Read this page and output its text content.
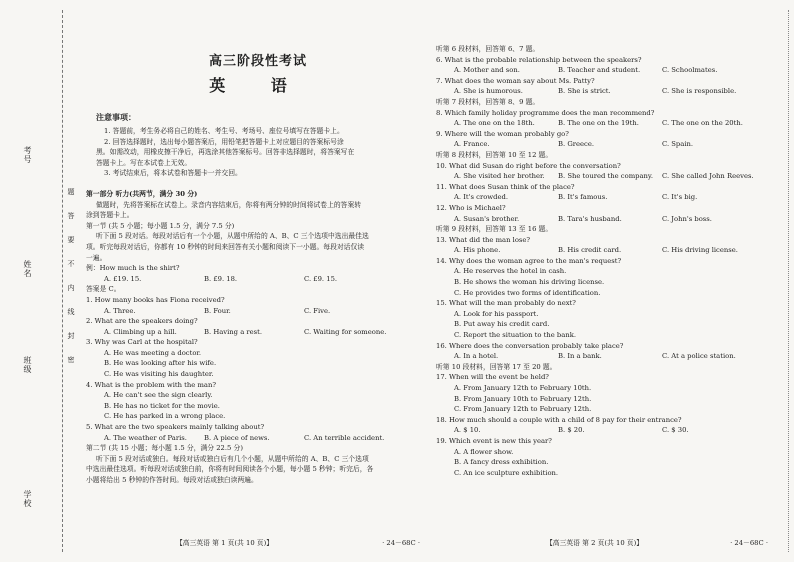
考号
姓名
班级
学校
题
答
要
不
内
线
封
密
高三阶段性考试
英 语
注意事项：

1. 答题前，考生务必将自己的姓名、考生号、考场号、座位号填写在答题卡上。

2. 回答选择题时，选出每小题答案后，用铅笔把答题卡上对应题目的答案标号涂

黑。如需改动，用橡皮擦干净后，再选涂其他答案标号。回答非选择题时，将答案写在

答题卡上。写在本试卷上无效。

3. 考试结束后，将本试卷和答题卡一并交回。

第一部分 听力(共两节，满分 30 分)

做题时，先将答案标在试卷上。录音内容结束后，你将有两分钟的时间将试卷上的答案转

涂到答题卡上。

第一节 (共 5 小题；每小题 1.5 分，满分 7.5 分)

听下面 5 段对话。每段对话后有一个小题，从题中所给的 A、B、C 三个选项中选出最佳选

项。听完每段对话后，你都有 10 秒钟的时间来回答有关小题和阅读下一小题。每段对话仅读

一遍。

例：How much is the shirt?

A. £19. 15.	B. £9. 18.	C. £9. 15.

答案是 C。

1. How many books has Fiona received?

A. Three.	B. Four.	C. Five.

2. What are the speakers doing?

A. Climbing up a hill.	B. Having a rest.	C. Waiting for someone.

3. Why was Carl at the hospital?

A. He was meeting a doctor.

B. He was looking after his wife.

C. He was visiting his daughter.

4. What is the problem with the man?

A. He can't see the sign clearly.

B. He has no ticket for the movie.

C. He has parked in a wrong place.

5. What are the two speakers mainly talking about?

A. The weather of Paris.	B. A piece of news.	C. An terrible accident.

第二节 (共 15 小题；每小题 1.5 分，满分 22.5 分)

听下面 5 段对话或独白。每段对话或独白后有几个小题，从题中所给的 A、B、C 三个选项

中选出最佳选项。听每段对话或独白前，你将有时间阅读各个小题，每小题 5 秒钟；听完后，各

小题将给出 5 秒钟的作答时间。每段对话或独白读两遍。

【高三英语 第 1 页(共 10 页)】	· 24－68C ·

听第 6 段材料，回答第 6、7 题。

6. What is the probable relationship between the speakers?

A. Mother and son.	B. Teacher and student.	C. Schoolmates.

7. What does the woman say about Ms. Patty?

A. She is humorous.	B. She is strict.	C. She is responsible.

听第 7 段材料，回答第 8、9 题。

8. Which family holiday programme does the man recommend?

A. The one on the 18th.	B. The one on the 19th.	C. The one on the 20th.

9. Where will the woman probably go?

A. France.	B. Greece.	C. Spain.

听第 8 段材料，回答第 10 至 12 题。

10. What did Susan do right before the conversation?

A. She visited her brother.	B. She toured the company.	C. She called John Reeves.

11. What does Susan think of the place?

A. It's crowded.	B. It's famous.	C. It's big.

12. Who is Michael?

A. Susan's brother.	B. Tara's husband.	C. John's boss.

听第 9 段材料，回答第 13 至 16 题。

13. What did the man lose?

A. His phone.	B. His credit card.	C. His driving license.

14. Why does the woman agree to the man's request?

A. He reserves the hotel in cash.

B. He shows the woman his driving license.

C. He provides two forms of identification.

15. What will the man probably do next?

A. Look for his passport.

B. Put away his credit card.

C. Report the situation to the bank.

16. Where does the conversation probably take place?

A. In a hotel.	B. In a bank.	C. At a police station.

听第 10 段材料，回答第 17 至 20 题。

17. When will the event be held?

A. From January 12th to February 10th.

B. From January 10th to February 12th.

C. From January 12th to February 12th.

18. How much should a couple with a child of 8 pay for their entrance?

A. $ 10.	B. $ 20.	C. $ 30.

19. Which event is new this year?

A. A flower show.

B. A fancy dress exhibition.

C. An ice sculpture exhibition.

【高三英语 第 2 页(共 10 页)】	· 24－68C ·
